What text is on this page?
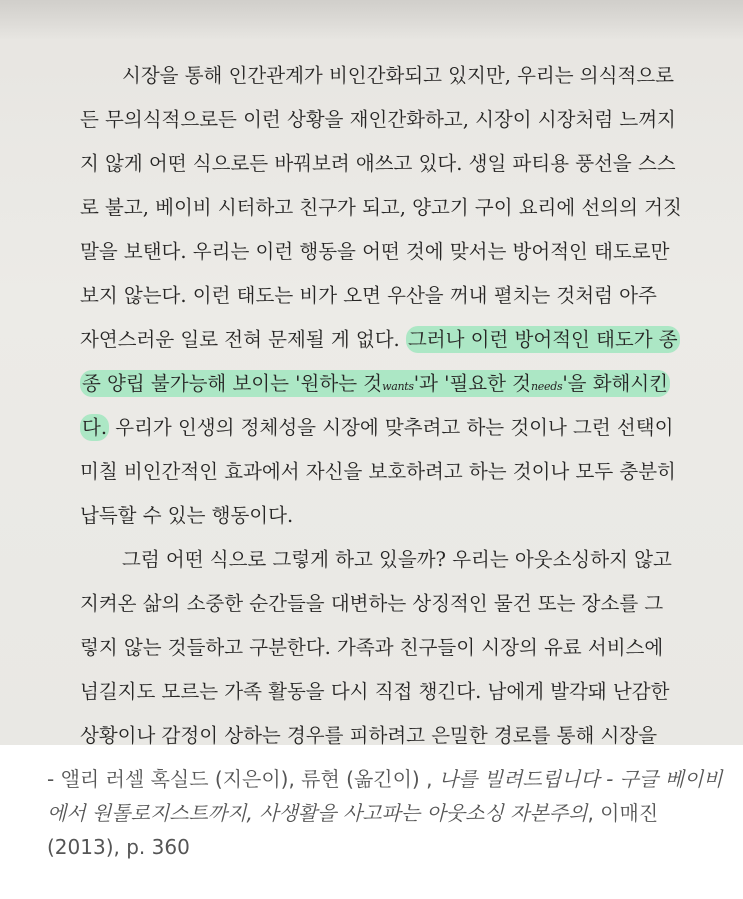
시장을 통해 인간관계가 비인간화되고 있지만, 우리는 의식적으로
든 무의식적으로든 이런 상황을 재인간화하고, 시장이 시장처럼 느껴지
지 않게 어떤 식으로든 바꿔보려 애쓰고 있다. 생일 파티용 풍선을 스스
로 불고, 베이비 시터하고 친구가 되고, 양고기 구이 요리에 선의의 거짓
말을 보탠다. 우리는 이런 행동을 어떤 것에 맞서는 방어적인 태도로만
보지 않는다. 이런 태도는 비가 오면 우산을 꺼내 펼치는 것처럼 아주
자연스러운 일로 전혀 문제될 게 없다. 그러나 이런 방어적인 태도가 종
종 양립 불가능해 보이는 '원하는 것wants'과 '필요한 것needs'을 화해시킨
다. 우리가 인생의 정체성을 시장에 맞추려고 하는 것이나 그런 선택이
미칠 비인간적인 효과에서 자신을 보호하려고 하는 것이나 모두 충분히
납득할 수 있는 행동이다.
그럼 어떤 식으로 그렇게 하고 있을까? 우리는 아웃소싱하지 않고
지켜온 삶의 소중한 순간들을 대변하는 상징적인 물건 또는 장소를 그
렇지 않는 것들하고 구분한다. 가족과 친구들이 시장의 유료 서비스에
넘길지도 모르는 가족 활동을 다시 직접 챙긴다. 남에게 발각돼 난감한
상황이나 감정이 상하는 경우를 피하려고 은밀한 경로를 통해 시장을
- 앨리 러셀 혹실드 (지은이), 류현 (옮긴이) , 나를 빌려드립니다 - 구글 베이비에서 원톨로지스트까지, 사생활을 사고파는 아웃소싱 자본주의, 이매진 (2013), p. 360
